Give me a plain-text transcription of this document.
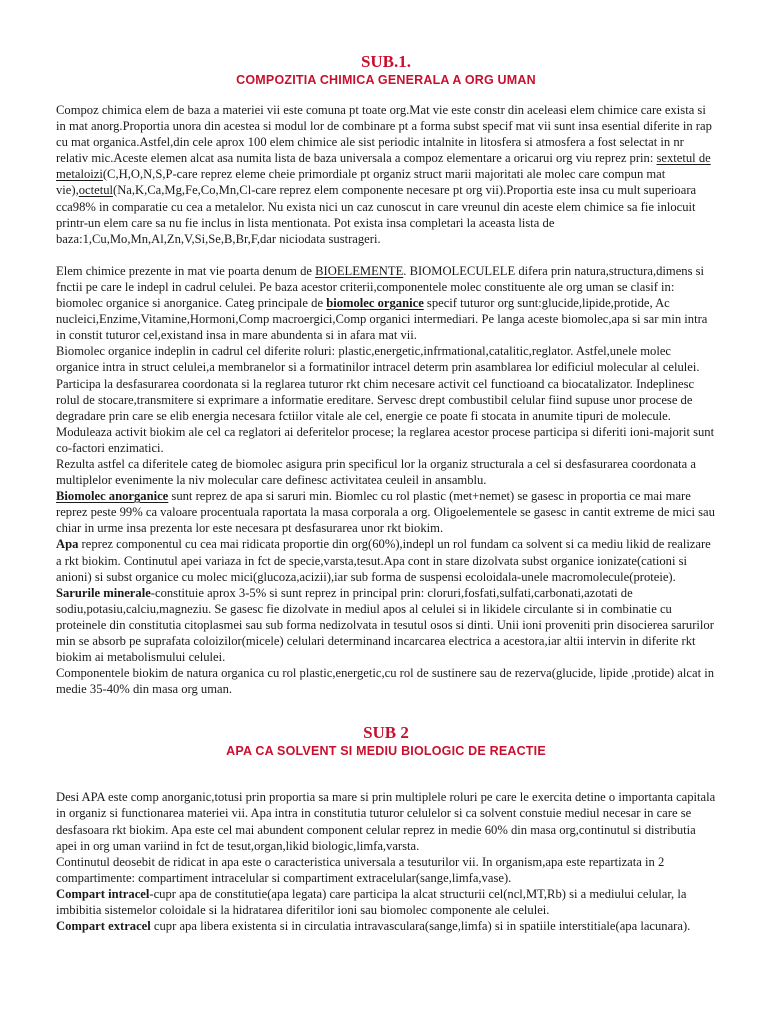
SUB.1.
COMPOZITIA CHIMICA GENERALA A ORG UMAN

Compoz chimica elem de baza a materiei vii este comuna pt toate org.Mat vie este constr din aceleasi elem chimice care exista si in mat anorg.Proportia unora din acestea si modul lor de combinare pt a forma subst specif mat vii sunt insa esential diferite in rap cu mat organica.Astfel,din cele aprox 100 elem chimice ale sist periodic intalnite in litosfera si atmosfera a fost selectat in nr relativ mic.Aceste elemen alcat asa numita lista de baza universala a compoz elementare a oricarui org viu reprez prin: sextetul de metaloizi(C,H,O,N,S,P-care reprez eleme cheie primordiale pt organiz struct marii majoritati ale molec care compun mat vie),octetul(Na,K,Ca,Mg,Fe,Co,Mn,Cl-care reprez elem componente necesare pt org vii).Proportia este insa cu mult superioara cca98% in comparatie cu cea a metalelor. Nu exista nici un caz cunoscut in care vreunul din aceste elem chimice sa fie inlocuit printr-un elem care sa nu fie inclus in lista mentionata. Pot exista insa completari la aceasta lista de baza:1,Cu,Mo,Mn,Al,Zn,V,Si,Se,B,Br,F,dar niciodata sustrageri.

Elem chimice prezente in mat vie poarta denum de BIOELEMENTE. BIOMOLECULELE difera prin natura,structura,dimens si fnctii pe care le indepl in cadrul celulei. Pe baza acestor criterii,componentele molec constituente ale org uman se clasif in: biomolec organice si anorganice. Categ principale de biomolec organice specif tuturor org sunt:glucide,lipide,protide, Ac nucleici,Enzime,Vitamine,Hormoni,Comp macroergici,Comp organici intermediari. Pe langa aceste biomolec,apa si sar min intra in constit tuturor cel,existand insa in mare abundenta si in afara mat vii.

Biomolec organice indeplin in cadrul cel diferite roluri: plastic,energetic,infrmational,catalitic,reglator. Astfel,unele molec organice intra in struct celulei,a membranelor si a formatinilor intracel determ prin asamblarea lor edificiul molecular al celulei. Participa la desfasurarea coordonata si la reglarea tuturor rkt chim necesare activit cel functioand ca biocatalizator. Indeplinesc rolul de stocare,transmitere si exprimare a informatie ereditare. Servesc drept combustibil celular fiind supuse unor procese de degradare prin care se elib energia necesara fctiilor vitale ale cel, energie ce poate fi stocata in anumite tipuri de molecule. Moduleaza activit biokim ale cel ca reglatori ai deferitelor procese; la reglarea acestor procese participa si diferiti ioni-majorit sunt co-factori enzimatici.

Rezulta astfel ca diferitele categ de biomolec asigura prin specificul lor la organiz structurala a cel si desfasurarea coordonata a multiplelor evenimente la niv molecular care definesc activitatea ceuleil in ansamblu.

Biomolec anorganice sunt reprez de apa si saruri min. Biomlec cu rol plastic (met+nemet) se gasesc in proportia ce mai mare reprez peste 99% ca valoare procentuala raportata la masa corporala a org. Oligoelementele se gasesc in cantit extreme de mici sau chiar in urme insa prezenta lor este necesara pt desfasurarea unor rkt biokim.

Apa reprez componentul cu cea mai ridicata proportie din org(60%),indepl un rol fundam ca solvent si ca mediu likid de realizare a rkt biokim. Continutul apei variaza in fct de specie,varsta,tesut.Apa cont in stare dizolvata subst organice ionizate(cationi si anioni) si subst organice cu molec mici(glucoza,acizii),iar sub forma de suspensi ecoloidala-unele macromolecule(proteie).

Sarurile minerale-constituie aprox 3-5% si sunt reprez in principal prin: cloruri,fosfati,sulfati,carbonati,azotati de sodiu,potasiu,calciu,magneziu. Se gasesc fie dizolvate in mediul apos al celulei si in likidele circulante si in combinatie cu proteinele din constitutia citoplasmei sau sub forma nedizolvata in tesutul osos si dinti. Unii ioni proveniti prin disocierea sarurilor min se absorb pe suprafata coloizilor(micele) celulari determinand incarcarea electrica a acestora,iar altii intervin in diferite rkt biokim ai metabolismului celulei.

Componentele biokim de natura organica cu rol plastic,energetic,cu rol de sustinere sau de rezerva(glucide, lipide ,protide) alcat in medie 35-40% din masa org uman.

SUB 2
APA CA SOLVENT SI MEDIU BIOLOGIC DE REACTIE

Desi APA este comp anorganic,totusi prin proportia sa mare si prin multiplele roluri pe care le exercita detine o importanta capitala in organiz si functionarea materiei vii. Apa intra in constitutia tuturor celulelor si ca solvent constuie mediul necesar in care se desfasoara rkt biokim. Apa este cel mai abundent component celular reprez in medie 60% din masa org,continutul si distributia apei in org uman variind in fct de tesut,organ,likid biologic,limfa,varsta.

Continutul deosebit de ridicat in apa este o caracteristica universala a tesuturilor vii. In organism,apa este repartizata in 2 compartimente: compartiment intracelular si compartiment extracelular(sange,limfa,vase).

Compart intracel-cupr apa de constitutie(apa legata) care participa la alcat structurii cel(ncl,MT,Rb) si a mediului celular, la imbibitia sistemelor coloidale si la hidratarea diferitilor ioni sau biomolec componente ale celulei.

Compart extracel cupr apa libera existenta si in circulatia intravasculara(sange,limfa) si in spatiile interstitiale(apa lacunara).
